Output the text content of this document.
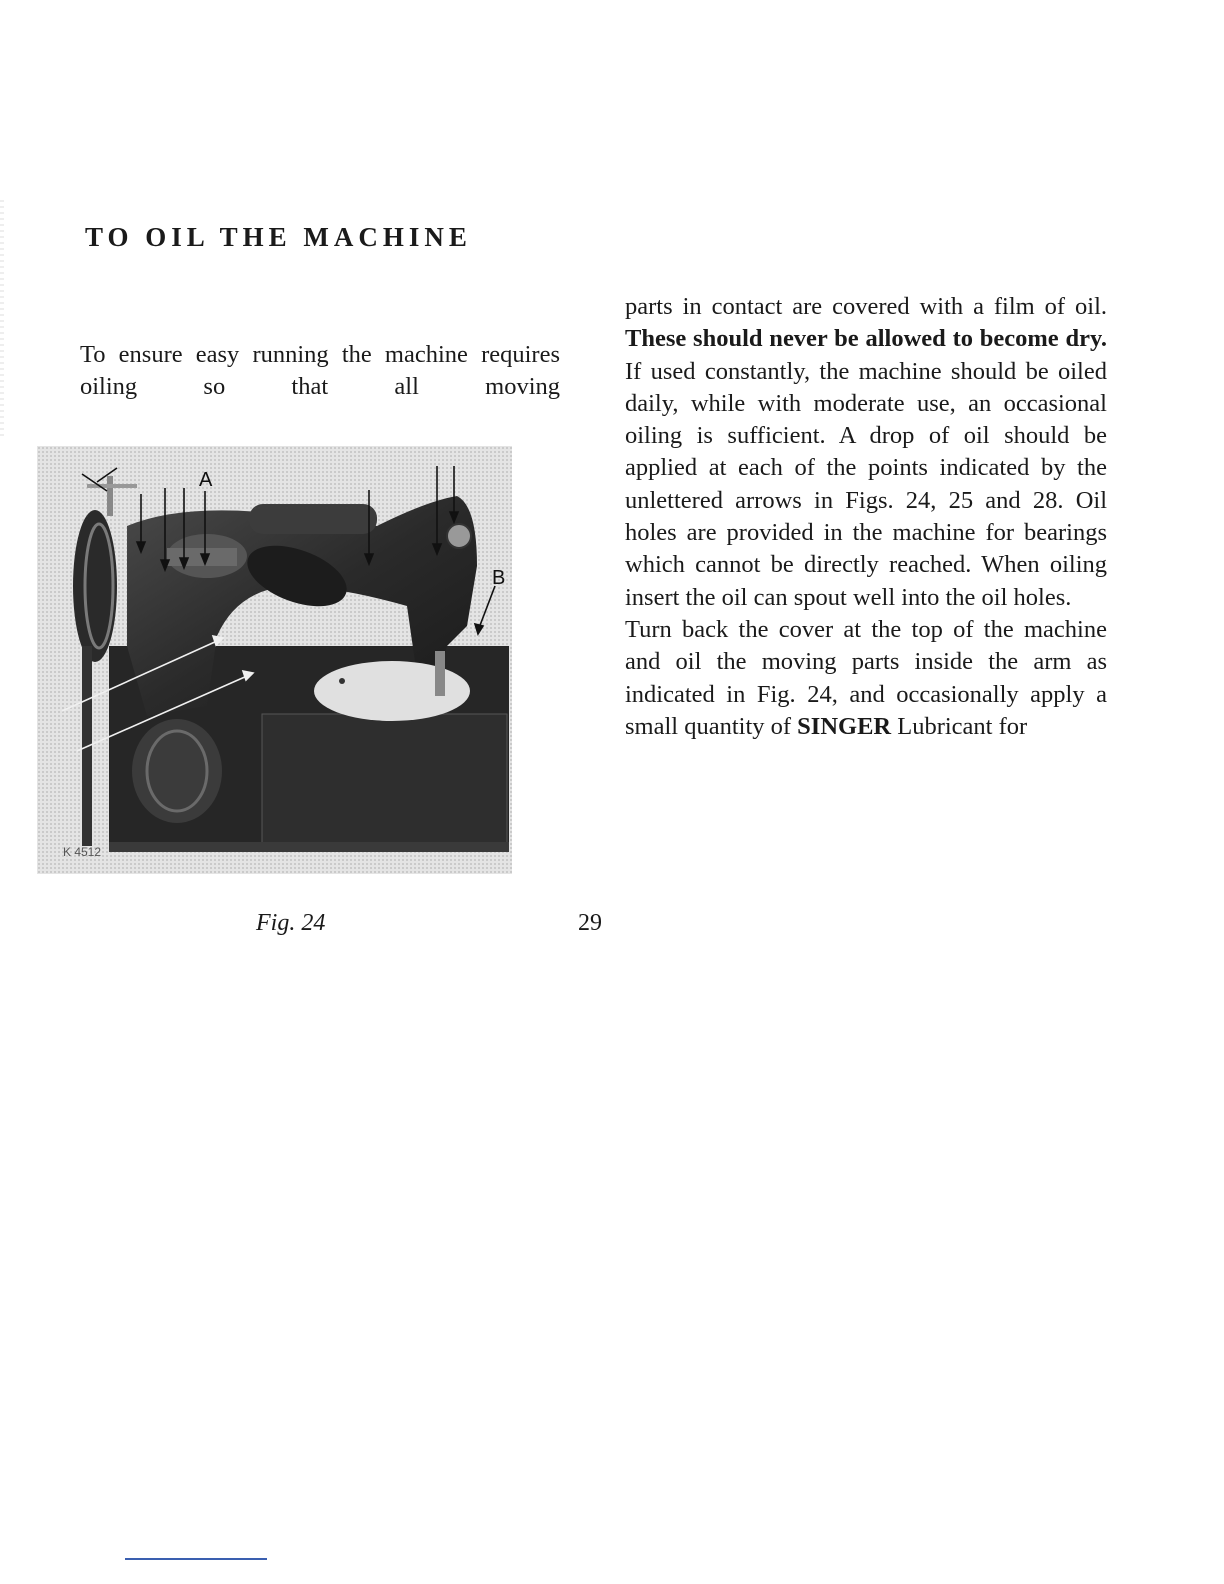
TO OIL THE MACHINE

To ensure easy running the machine requires oiling so that all moving

A
B
K 4512

parts in contact are covered with a film of oil. These should never be allowed to become dry.

If used constantly, the machine should be oiled daily, while with moderate use, an occasional oiling is sufficient. A drop of oil should be applied at each of the points indicated by the unlettered arrows in Figs. 24, 25 and 28. Oil holes are provided in the machine for bearings which cannot be directly reached. When oiling insert the oil can spout well into the oil holes.

Turn back the cover at the top of the machine and oil the moving parts inside the arm as indicated in Fig. 24, and occasionally apply a small quantity of SINGER Lubricant for

Fig. 24	29
